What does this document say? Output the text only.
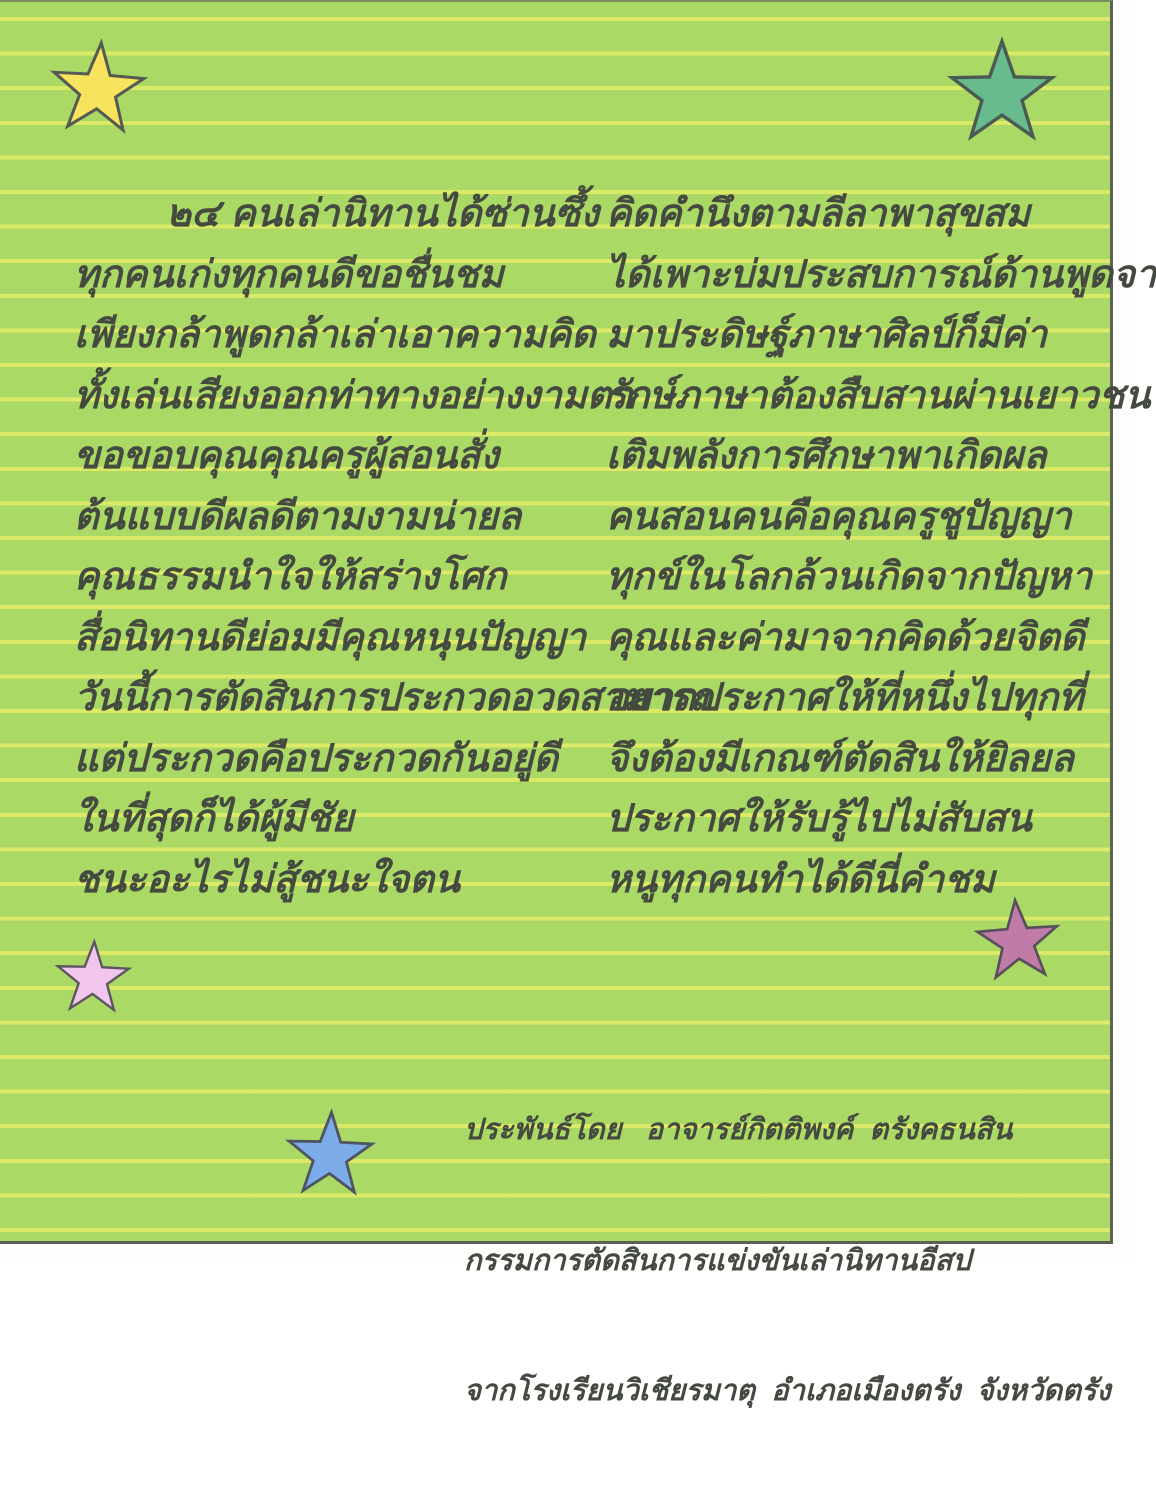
๒๔ คนเล่านิทานได้ซ่านซึ้ง
ทุกคนเก่งทุกคนดีขอชื่นชม
เพียงกล้าพูดกล้าเล่าเอาความคิด
ทั้งเล่นเสียงออกท่าทางอย่างงามตา
ขอขอบคุณคุณครูผู้สอนสั่ง
ต้นแบบดีผลดีตามงามน่ายล
คุณธรรมนำใจให้สร่างโศก
สื่อนิทานดีย่อมมีคุณหนุนปัญญา
วันนี้การตัดสินการประกวดอวดสามารถ
แต่ประกวดคือประกวดกันอยู่ดี
ในที่สุดก็ได้ผู้มีชัย
ชนะอะไรไม่สู้ชนะใจตน
คิดคำนึงตามลีลาพาสุขสม
ได้เพาะบ่มประสบการณ์ด้านพูดจา
มาประดิษฐ์ภาษาศิลป์ก็มีค่า
รักษ์ภาษาต้องสืบสานผ่านเยาวชน
เติมพลังการศึกษาพาเกิดผล
คนสอนคนคือคุณครูชูปัญญา
ทุกข์ในโลกล้วนเกิดจากปัญหา
คุณและค่ามาจากคิดด้วยจิตดี
อยากประกาศให้ที่หนึ่งไปทุกที่
จึงต้องมีเกณฑ์ตัดสินให้ยิลยล
ประกาศให้รับรู้ไปไม่สับสน
หนูทุกคนทำได้ดีนี่คำชม

ประพันธ์โดย   อาจารย์กิตติพงค์  ตรังคธนสิน

กรรมการตัดสินการแข่งขันเล่านิทานอีสป

จากโรงเรียนวิเชียรมาตุ  อำเภอเมืองตรัง  จังหวัดตรัง
